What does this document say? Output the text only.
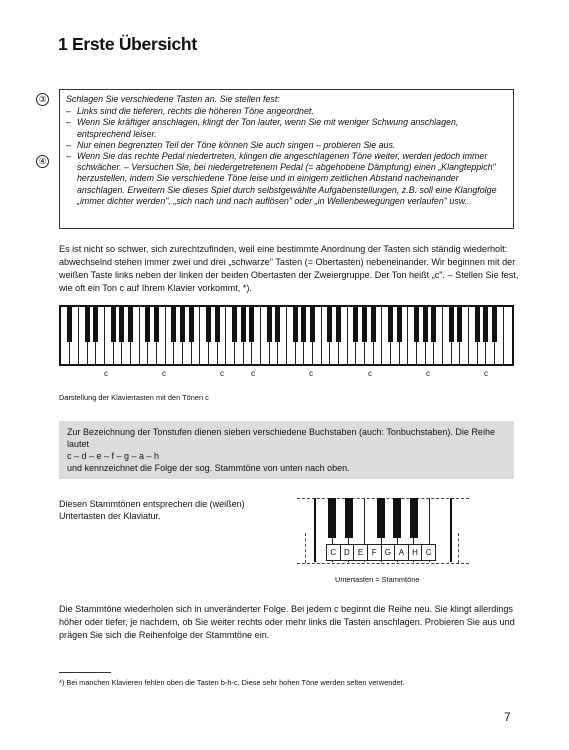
1 Erste Übersicht
③
④
Schlagen Sie verschiedene Tasten an. Sie stellen fest:
– Links sind die tieferen, rechts die höheren Töne angeordnet.
– Wenn Sie kräftiger anschlagen, klingt der Ton lauter, wenn Sie mit weniger Schwung anschlagen, entsprechend leiser.
– Nur einen begrenzten Teil der Töne können Sie auch singen – probieren Sie aus.
– Wenn Sie das rechte Pedal niedertreten, klingen die angeschlagenen Töne weiter, werden jedoch immer schwächer. – Versuchen Sie, bei niedergetretenem Pedal (= abgehobene Dämpfung) einen „Klangteppich" herzustellen, indem Sie verschiedene Töne leise und in einigem zeitlichen Abstand nacheinander anschlagen. Erweitern Sie dieses Spiel durch selbstgewählte Aufgabenstellungen, z.B. soll eine Klangfolge „immer dichter werden", „sich nach und nach auflösen" oder „in Wellenbewegungen verlaufen" usw..
Es ist nicht so schwer, sich zurechtzufinden, weil eine bestimmte Anordnung der Tasten sich ständig wiederholt: abwechselnd stehen immer zwei und drei „schwarze" Tasten (= Obertasten) nebeneinander. Wir beginnen mit der weißen Taste links neben der linken der beiden Obertasten der Zweiergruppe. Der Ton heißt „c". – Stellen Sie fest, wie oft ein Ton c auf Ihrem Klavier vorkommt, *).
c	c	c	c	c	c	c	c
Darstellung der Klaviertasten mit den Tönen c
Zur Bezeichnung der Tonstufen dienen sieben verschiedene Buchstaben (auch: Tonbuchstaben). Die Reihe lautet
c – d – e – f – g – a – h
und kennzeichnet die Folge der sog. Stammtöne von unten nach oben.
Diesen Stammtönen entsprechen die (weißen) Untertasten der Klaviatur.
C D	E	F	G A	H C
Untertasten = Stammtöne
Die Stammtöne wiederholen sich in unveränderter Folge. Bei jedem c beginnt die Reihe neu. Sie klingt allerdings höher oder tiefer, je nachdem, ob Sie weiter rechts oder mehr links die Tasten anschlagen. Probieren Sie aus und prägen Sie sich die Reihenfolge der Stammtöne ein.
*) Bei manchen Klavieren fehlen oben die Tasten b-h-c. Diese sehr hohen Töne werden selten verwendet.
7
